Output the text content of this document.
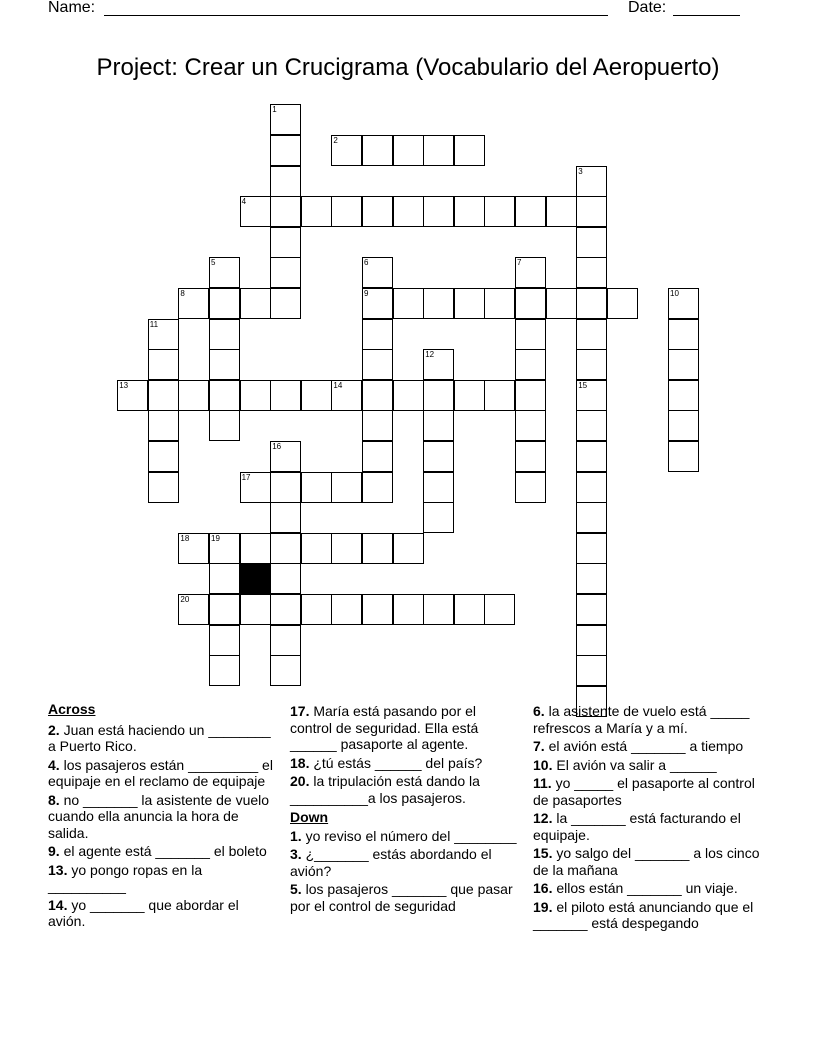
Name:	Date:
Project: Crear un Crucigrama (Vocabulario del Aeropuerto)
1
2
3
4
5	6	7
8	9	10
11
12
13	14	15
16
17
18	19
20
Across
2. Juan está haciendo un ________ a Puerto Rico.
4. los pasajeros están _________ el equipaje en el reclamo de equipaje
8. no _______ la asistente de vuelo cuando ella anuncia la hora de salida.
9. el agente está _______ el boleto
13. yo pongo ropas en la __________
14. yo _______ que abordar el avión.
17. María está pasando por el control de seguridad. Ella está ______ pasaporte al agente.
18. ¿tú estás ______ del país?
20. la tripulación está dando la __________a los pasajeros.
Down
1. yo reviso el número del ________
3. ¿_______ estás abordando el avión?
5. los pasajeros _______ que pasar por el control de seguridad
6. la asistente de vuelo está _____ refrescos a María y a mí.
7. el avión está _______ a tiempo
10. El avión va salir a ______
11. yo _____ el pasaporte al control de pasaportes
12. la _______ está facturando el equipaje.
15. yo salgo del _______ a los cinco de la mañana
16. ellos están _______ un viaje.
19. el piloto está anunciando que el _______ está despegando
